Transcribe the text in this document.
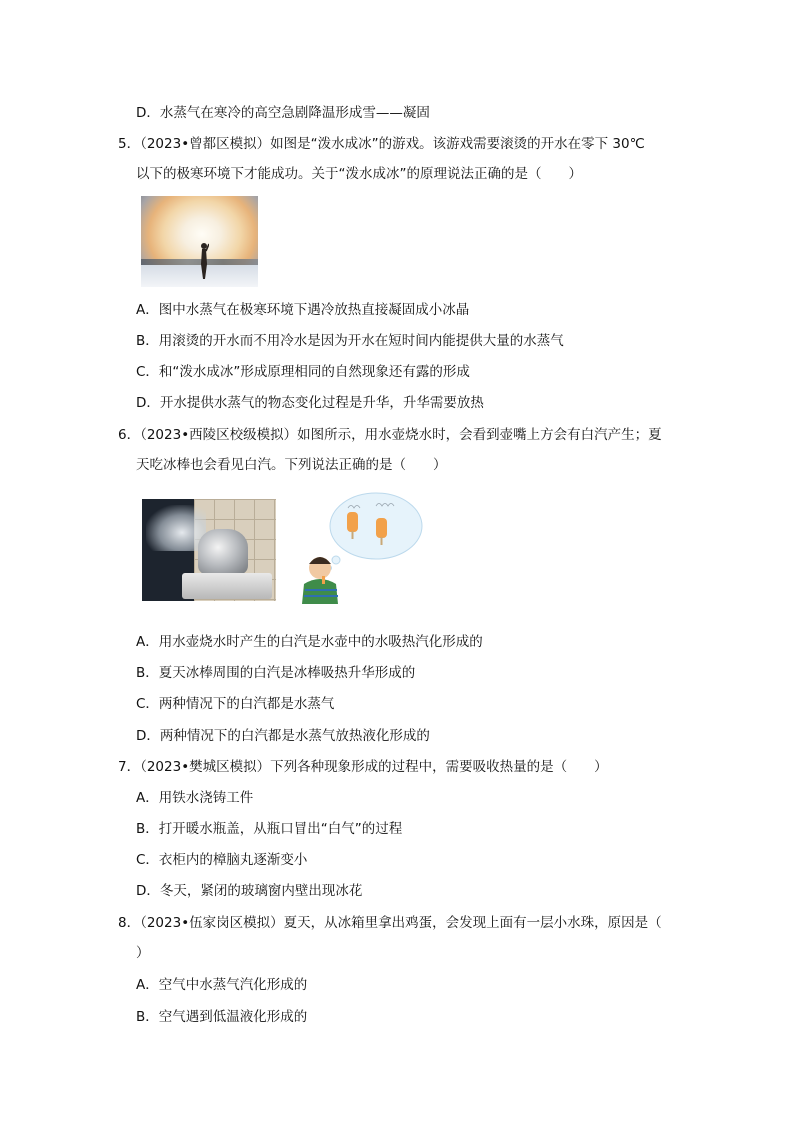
D．水蒸气在寒冷的高空急剧降温形成雪——凝固
5．（2023•曾都区模拟）如图是“泼水成冰”的游戏。该游戏需要滚烫的开水在零下 30℃
以下的极寒环境下才能成功。关于“泼水成冰”的原理说法正确的是（　　）
A．图中水蒸气在极寒环境下遇冷放热直接凝固成小冰晶
B．用滚烫的开水而不用冷水是因为开水在短时间内能提供大量的水蒸气
C．和“泼水成冰”形成原理相同的自然现象还有露的形成
D．开水提供水蒸气的物态变化过程是升华，升华需要放热
6．（2023•西陵区校级模拟）如图所示，用水壶烧水时，会看到壶嘴上方会有白汽产生；夏
天吃冰棒也会看见白汽。下列说法正确的是（　　）
A．用水壶烧水时产生的白汽是水壶中的水吸热汽化形成的
B．夏天冰棒周围的白汽是冰棒吸热升华形成的
C．两种情况下的白汽都是水蒸气
D．两种情况下的白汽都是水蒸气放热液化形成的
7．（2023•樊城区模拟）下列各种现象形成的过程中，需要吸收热量的是（　　）
A．用铁水浇铸工件
B．打开暖水瓶盖，从瓶口冒出“白气”的过程
C．衣柜内的樟脑丸逐渐变小
D．冬天，紧闭的玻璃窗内壁出现冰花
8．（2023•伍家岗区模拟）夏天，从冰箱里拿出鸡蛋，会发现上面有一层小水珠，原因是（
）
A．空气中水蒸气汽化形成的
B．空气遇到低温液化形成的
